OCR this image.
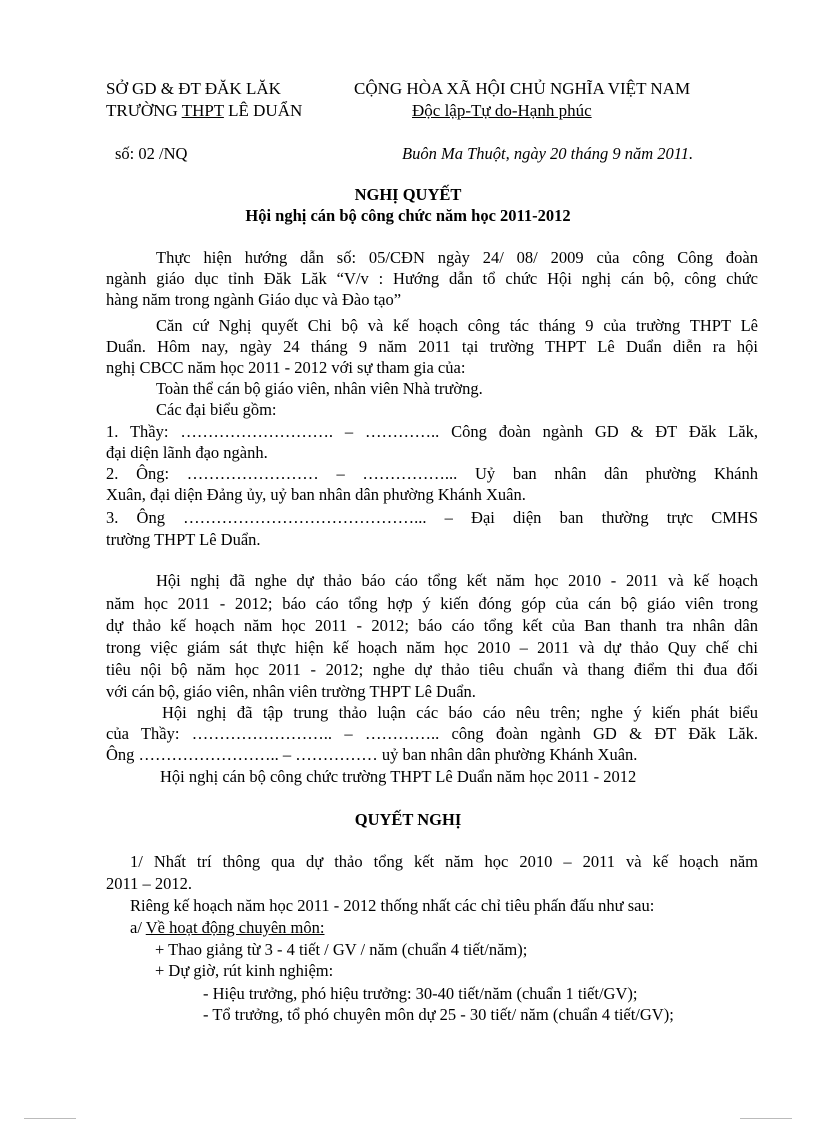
SỞ GD & ĐT ĐĂK LĂK
TRƯỜNG THPT LÊ DUẨN
CỘNG HÒA XÃ HỘI CHỦ NGHĨA VIỆT NAM
Độc lập-Tự do-Hạnh phúc
số: 02 /NQ	Buôn Ma Thuột, ngày 20 tháng 9 năm 2011.
NGHỊ QUYẾT
Hội nghị cán bộ công chức năm học 2011-2012
Thực hiện hướng dẫn số: 05/CĐN ngày 24/ 08/ 2009 của công Công đoàn
ngành giáo dục tỉnh Đăk Lăk “V/v : Hướng dẫn tổ chức Hội nghị cán bộ, công chức
hàng năm trong ngành Giáo dục và Đào tạo”
Căn cứ Nghị quyết Chi bộ và kế hoạch công tác tháng 9 của trường THPT Lê
Duẩn. Hôm nay, ngày 24 tháng 9 năm 2011 tại trường THPT Lê Duẩn diễn ra hội
nghị CBCC năm học 2011 - 2012 với sự tham gia của:
Toàn thể cán bộ giáo viên, nhân viên Nhà trường.
Các đại biểu gồm:
1. Thầy: ………………………. – ………….. Công đoàn ngành GD & ĐT Đăk Lăk,
đại diện lãnh đạo ngành.
2. Ông: …………………… – ……………... Uỷ ban nhân dân phường Khánh
Xuân, đại diện Đảng ủy, uỷ ban nhân dân phường Khánh Xuân.
3. Ông ……………………………………... – Đại diện ban thường trực CMHS
trường THPT Lê Duẩn.
Hội nghị đã nghe dự thảo báo cáo tổng kết năm học 2010 - 2011 và kế hoạch
năm học 2011 - 2012; báo cáo tổng hợp ý kiến đóng góp của cán bộ giáo viên trong
dự thảo kế hoạch năm học 2011 - 2012; báo cáo tổng kết của Ban thanh tra nhân dân
trong việc giám sát thực hiện kế hoạch năm học 2010 – 2011 và dự thảo Quy chế chi
tiêu nội bộ năm học 2011 - 2012; nghe dự thảo tiêu chuẩn và thang điểm thi đua đối
với cán bộ, giáo viên, nhân viên trường THPT Lê Duẩn.
Hội nghị đã tập trung thảo luận các báo cáo nêu trên; nghe ý kiến phát biểu
của Thầy: …………………….. – ………….. công đoàn ngành GD & ĐT Đăk Lăk.
Ông …………………….. – …………… uỷ ban nhân dân phường Khánh Xuân.
Hội nghị cán bộ công chức trường THPT Lê Duẩn năm học 2011 - 2012
QUYẾT NGHỊ
1/ Nhất trí thông qua dự thảo tổng kết năm học 2010 – 2011 và kế hoạch năm
2011 – 2012.
Riêng kế hoạch năm học 2011 - 2012 thống nhất các chỉ tiêu phấn đấu như sau:
a/ Về hoạt động chuyên môn:
+ Thao giảng từ 3 - 4 tiết / GV / năm (chuẩn 4 tiết/năm);
+ Dự giờ, rút kinh nghiệm:
- Hiệu trưởng, phó hiệu trưởng: 30-40 tiết/năm (chuẩn 1 tiết/GV);
- Tổ trưởng, tổ phó chuyên môn dự 25 - 30 tiết/ năm (chuẩn 4 tiết/GV);
